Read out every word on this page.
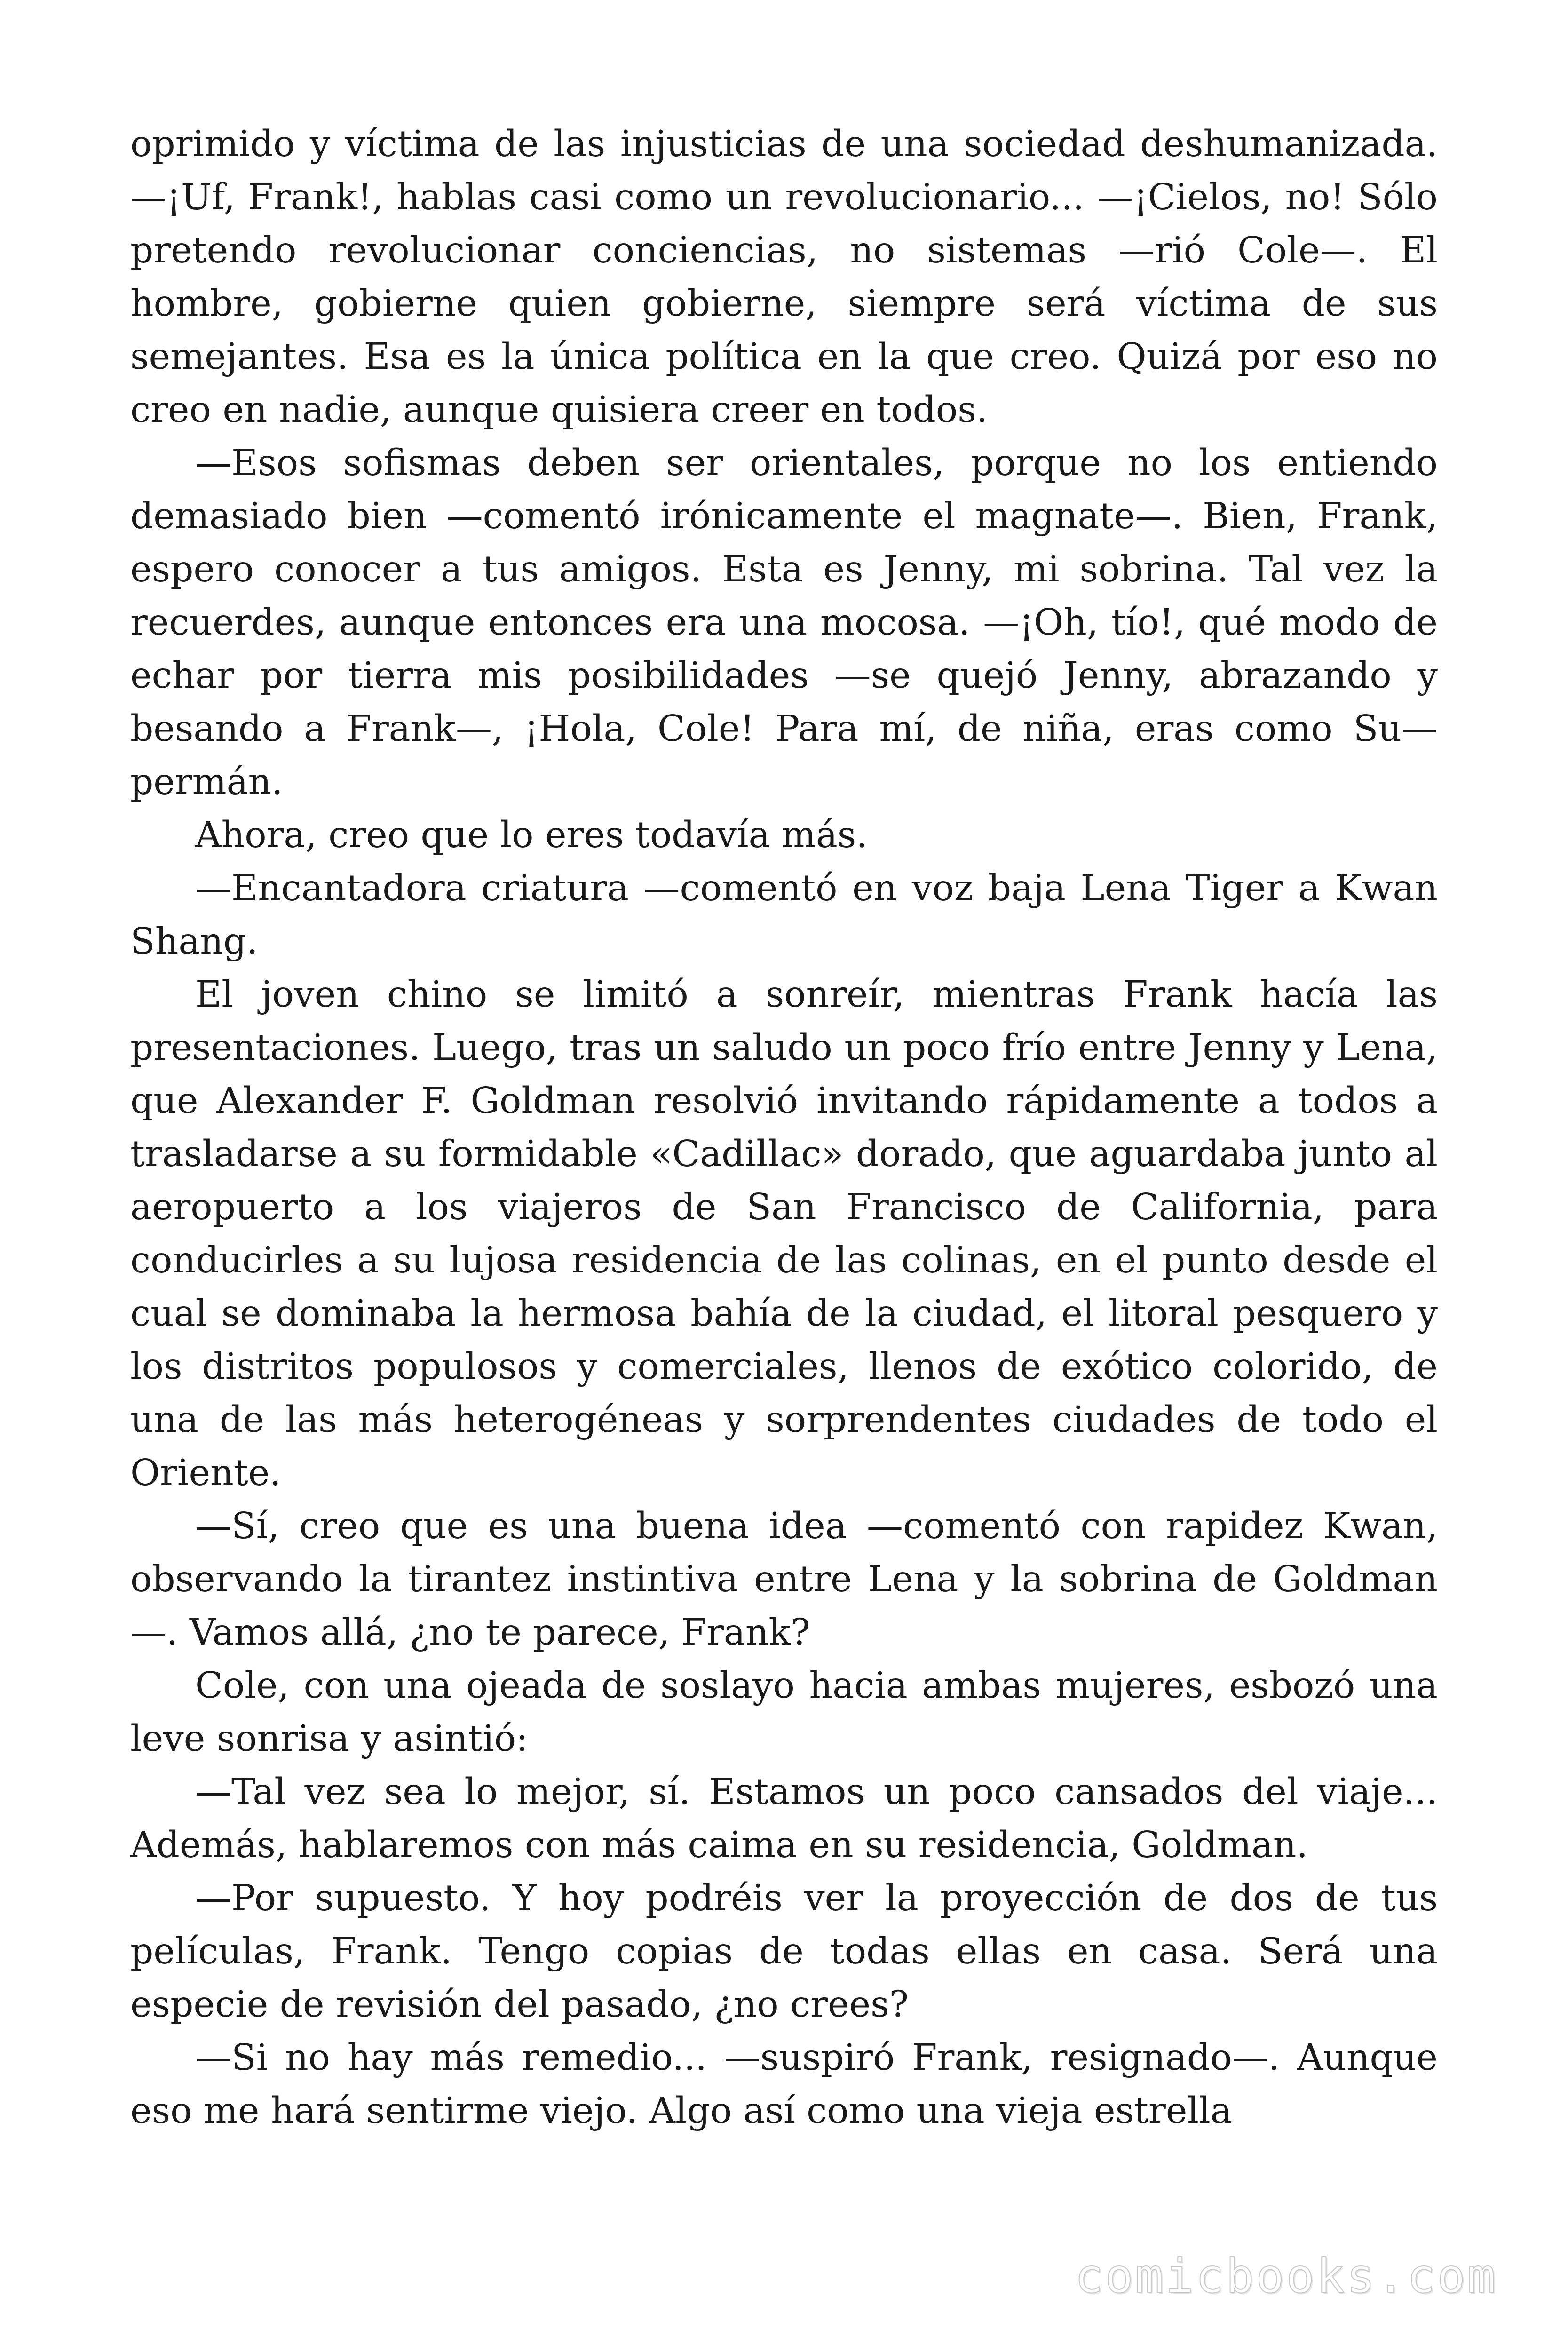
oprimido y víctima de las injusticias de una sociedad deshumanizada. —¡Uf, Frank!, hablas casi como un revolucionario... —¡Cielos, no! Sólo pretendo revolucionar conciencias, no sistemas —rió Cole—. El hombre, gobierne quien gobierne, siempre será víctima de sus semejantes. Esa es la única política en la que creo. Quizá por eso no creo en nadie, aunque quisiera creer en todos.

—Esos sofismas deben ser orientales, porque no los entiendo demasiado bien —comentó irónicamente el magnate—. Bien, Frank, espero conocer a tus amigos. Esta es Jenny, mi sobrina. Tal vez la recuerdes, aunque entonces era una mocosa. —¡Oh, tío!, qué modo de echar por tierra mis posibilidades —se quejó Jenny, abrazando y besando a Frank—, ¡Hola, Cole! Para mí, de niña, eras como Su—permán.

Ahora, creo que lo eres todavía más.

—Encantadora criatura —comentó en voz baja Lena Tiger a Kwan Shang.

El joven chino se limitó a sonreír, mientras Frank hacía las presentaciones. Luego, tras un saludo un poco frío entre Jenny y Lena, que Alexander F. Goldman resolvió invitando rápidamente a todos a trasladarse a su formidable «Cadillac» dorado, que aguardaba junto al aeropuerto a los viajeros de San Francisco de California, para conducirles a su lujosa residencia de las colinas, en el punto desde el cual se dominaba la hermosa bahía de la ciudad, el litoral pesquero y los distritos populosos y comerciales, llenos de exótico colorido, de una de las más heterogéneas y sorprendentes ciudades de todo el Oriente.

—Sí, creo que es una buena idea —comentó con rapidez Kwan, observando la tirantez instintiva entre Lena y la sobrina de Goldman—. Vamos allá, ¿no te parece, Frank?

Cole, con una ojeada de soslayo hacia ambas mujeres, esbozó una leve sonrisa y asintió:

—Tal vez sea lo mejor, sí. Estamos un poco cansados del viaje... Además, hablaremos con más caima en su residencia, Goldman.

—Por supuesto. Y hoy podréis ver la proyección de dos de tus películas, Frank. Tengo copias de todas ellas en casa. Será una especie de revisión del pasado, ¿no crees?

—Si no hay más remedio... —suspiró Frank, resignado—. Aunque eso me hará sentirme viejo. Algo así como una vieja estrella

comicbooks.com
